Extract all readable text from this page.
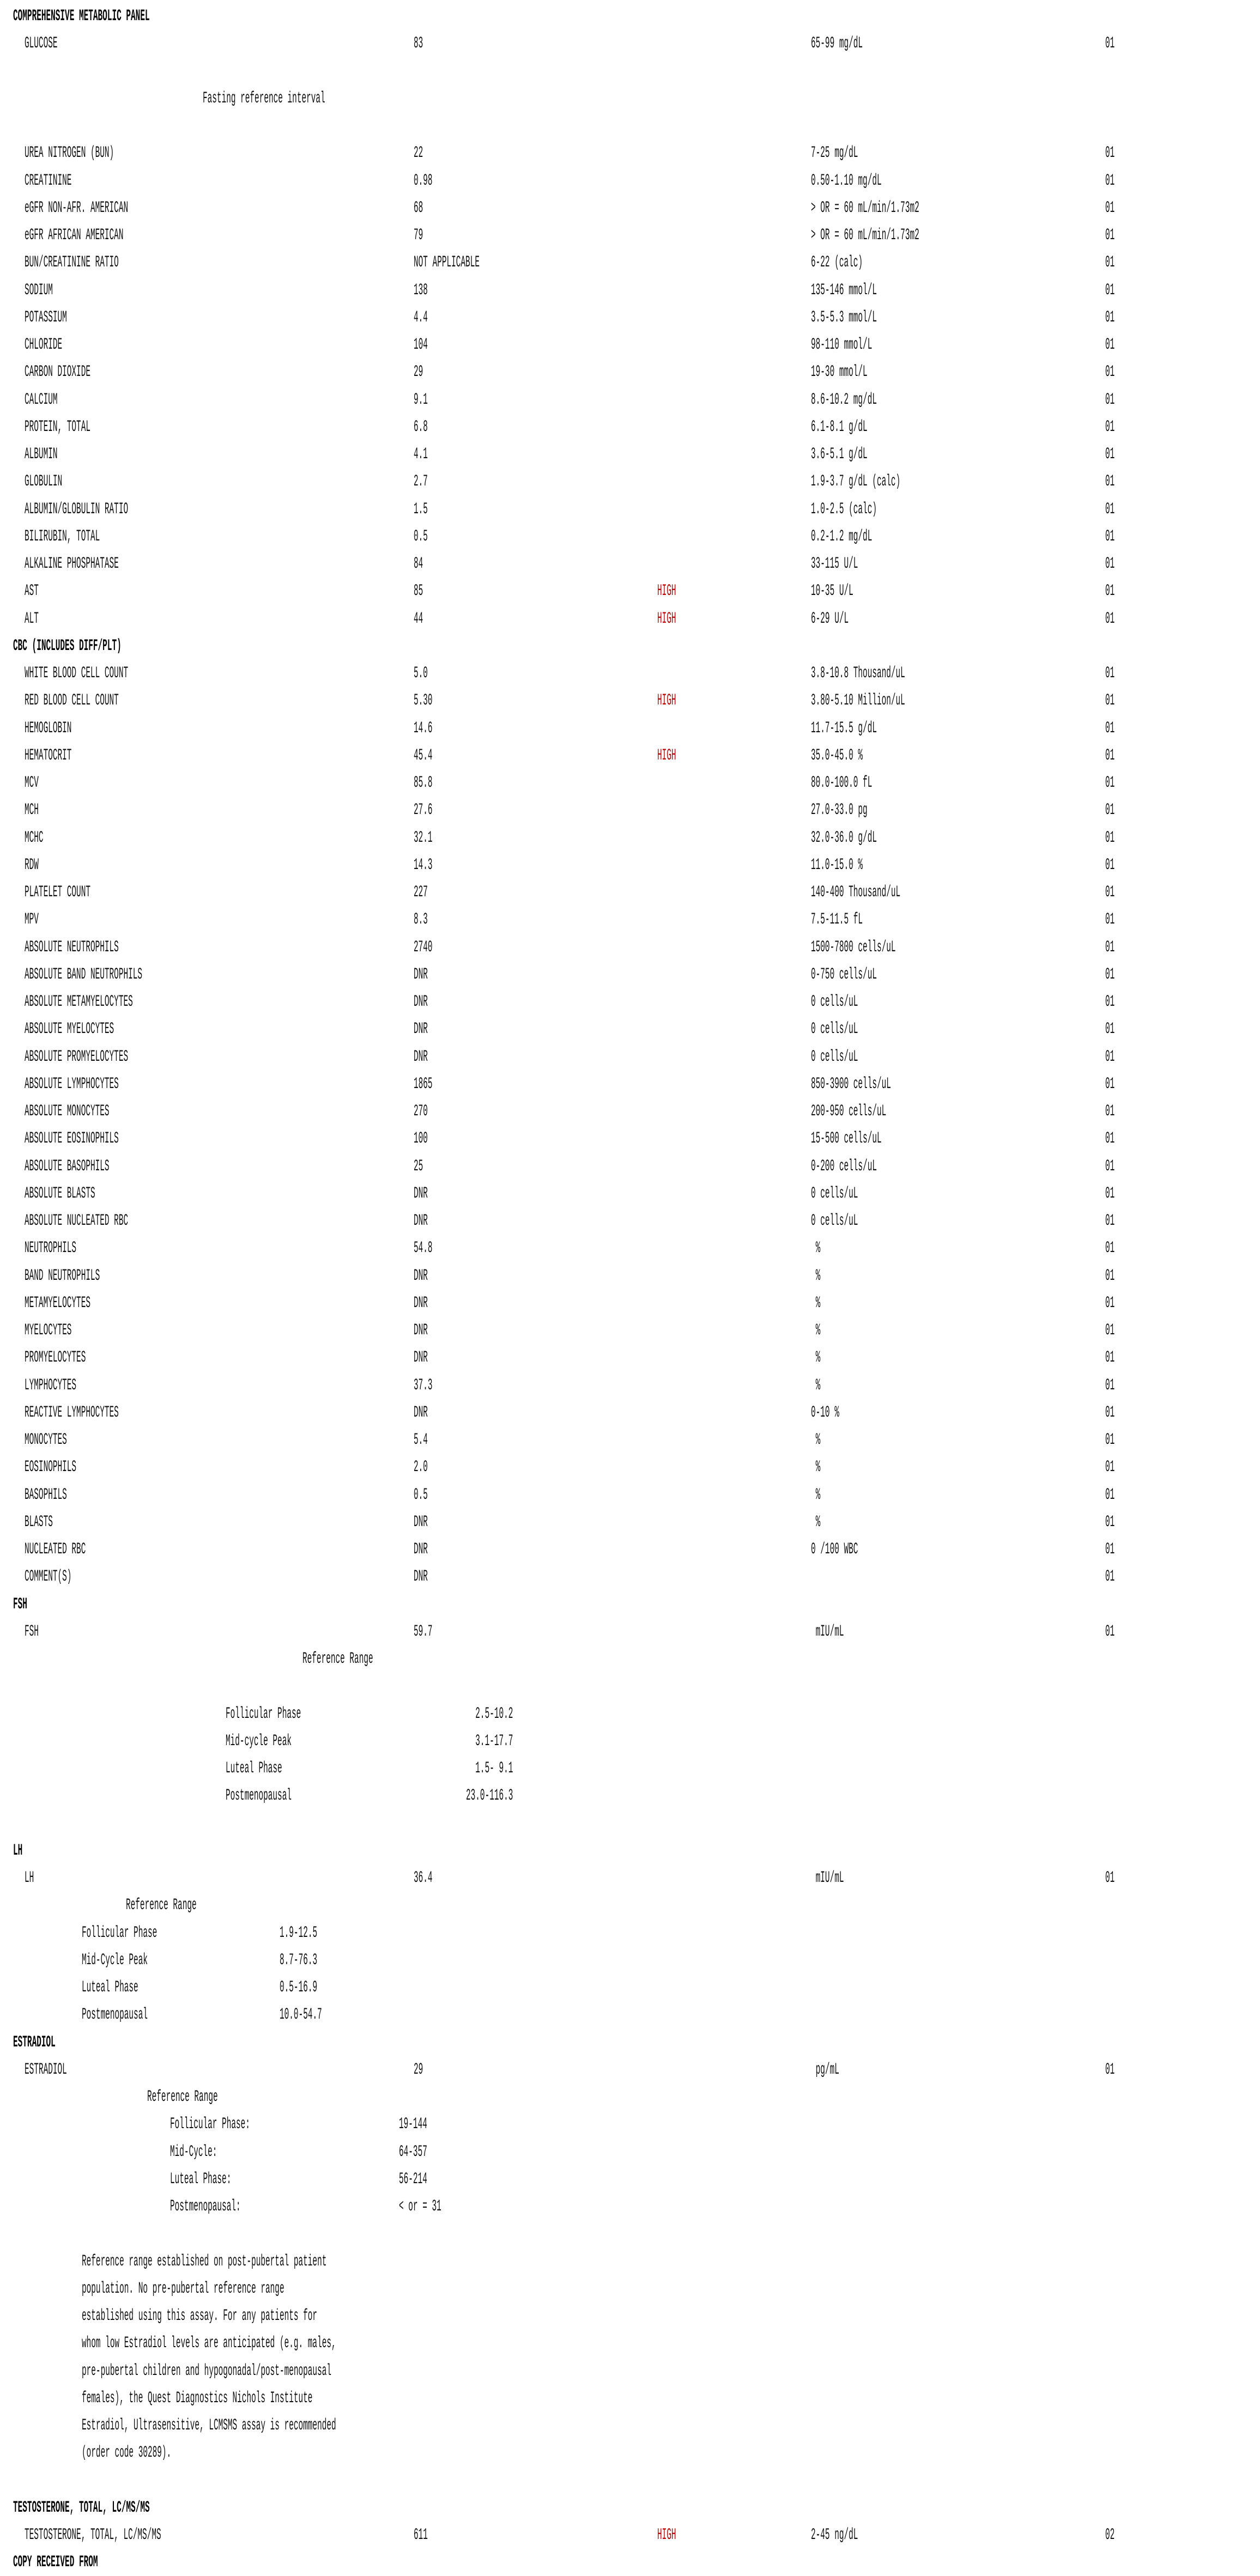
COMPREHENSIVE METABOLIC PANEL
GLUCOSE	83	65-99 mg/dL	01
Fasting reference interval
UREA NITROGEN (BUN)	22	7-25 mg/dL	01
CREATININE	0.98	0.50-1.10 mg/dL	01
eGFR NON-AFR. AMERICAN	68	> OR = 60 mL/min/1.73m2	01
eGFR AFRICAN AMERICAN	79	> OR = 60 mL/min/1.73m2	01
BUN/CREATININE RATIO	NOT APPLICABLE	6-22 (calc)	01
SODIUM	138	135-146 mmol/L	01
POTASSIUM	4.4	3.5-5.3 mmol/L	01
CHLORIDE	104	98-110 mmol/L	01
CARBON DIOXIDE	29	19-30 mmol/L	01
CALCIUM	9.1	8.6-10.2 mg/dL	01
PROTEIN, TOTAL	6.8	6.1-8.1 g/dL	01
ALBUMIN	4.1	3.6-5.1 g/dL	01
GLOBULIN	2.7	1.9-3.7 g/dL (calc)	01
ALBUMIN/GLOBULIN RATIO	1.5	1.0-2.5 (calc)	01
BILIRUBIN, TOTAL	0.5	0.2-1.2 mg/dL	01
ALKALINE PHOSPHATASE	84	33-115 U/L	01
AST	85	HIGH	10-35 U/L	01
ALT	44	HIGH	6-29 U/L	01
CBC (INCLUDES DIFF/PLT)
WHITE BLOOD CELL COUNT	5.0	3.8-10.8 Thousand/uL	01
RED BLOOD CELL COUNT	5.30	HIGH	3.80-5.10 Million/uL	01
HEMOGLOBIN	14.6	11.7-15.5 g/dL	01
HEMATOCRIT	45.4	HIGH	35.0-45.0 %	01
MCV	85.8	80.0-100.0 fL	01
MCH	27.6	27.0-33.0 pg	01
MCHC	32.1	32.0-36.0 g/dL	01
RDW	14.3	11.0-15.0 %	01
PLATELET COUNT	227	140-400 Thousand/uL	01
MPV	8.3	7.5-11.5 fL	01
ABSOLUTE NEUTROPHILS	2740	1500-7800 cells/uL	01
ABSOLUTE BAND NEUTROPHILS	DNR	0-750 cells/uL	01
ABSOLUTE METAMYELOCYTES	DNR	0 cells/uL	01
ABSOLUTE MYELOCYTES	DNR	0 cells/uL	01
ABSOLUTE PROMYELOCYTES	DNR	0 cells/uL	01
ABSOLUTE LYMPHOCYTES	1865	850-3900 cells/uL	01
ABSOLUTE MONOCYTES	270	200-950 cells/uL	01
ABSOLUTE EOSINOPHILS	100	15-500 cells/uL	01
ABSOLUTE BASOPHILS	25	0-200 cells/uL	01
ABSOLUTE BLASTS	DNR	0 cells/uL	01
ABSOLUTE NUCLEATED RBC	DNR	0 cells/uL	01
NEUTROPHILS	54.8	%	01
BAND NEUTROPHILS	DNR	%	01
METAMYELOCYTES	DNR	%	01
MYELOCYTES	DNR	%	01
PROMYELOCYTES	DNR	%	01
LYMPHOCYTES	37.3	%	01
REACTIVE LYMPHOCYTES	DNR	0-10 %	01
MONOCYTES	5.4	%	01
EOSINOPHILS	2.0	%	01
BASOPHILS	0.5	%	01
BLASTS	DNR	%	01
NUCLEATED RBC	DNR	0 /100 WBC	01
COMMENT(S)	DNR	01
FSH
FSH	59.7	mIU/mL	01
Reference Range
Follicular Phase	2.5-10.2
Mid-cycle Peak	3.1-17.7
Luteal Phase	1.5- 9.1
Postmenopausal	23.0-116.3
LH
LH	36.4	mIU/mL	01
Reference Range
Follicular Phase	1.9-12.5
Mid-Cycle Peak	8.7-76.3
Luteal Phase	0.5-16.9
Postmenopausal	10.0-54.7
ESTRADIOL
ESTRADIOL	29	pg/mL	01
Reference Range
Follicular Phase:	19-144
Mid-Cycle:	64-357
Luteal Phase:	56-214
Postmenopausal:	< or = 31
Reference range established on post-pubertal patient
population. No pre-pubertal reference range
established using this assay. For any patients for
whom low Estradiol levels are anticipated (e.g. males,
pre-pubertal children and hypogonadal/post-menopausal
females), the Quest Diagnostics Nichols Institute
Estradiol, Ultrasensitive, LCMSMS assay is recommended
(order code 30289).
TESTOSTERONE, TOTAL, LC/MS/MS
TESTOSTERONE, TOTAL, LC/MS/MS	611	HIGH	2-45 ng/dL	02
COPY RECEIVED FROM
